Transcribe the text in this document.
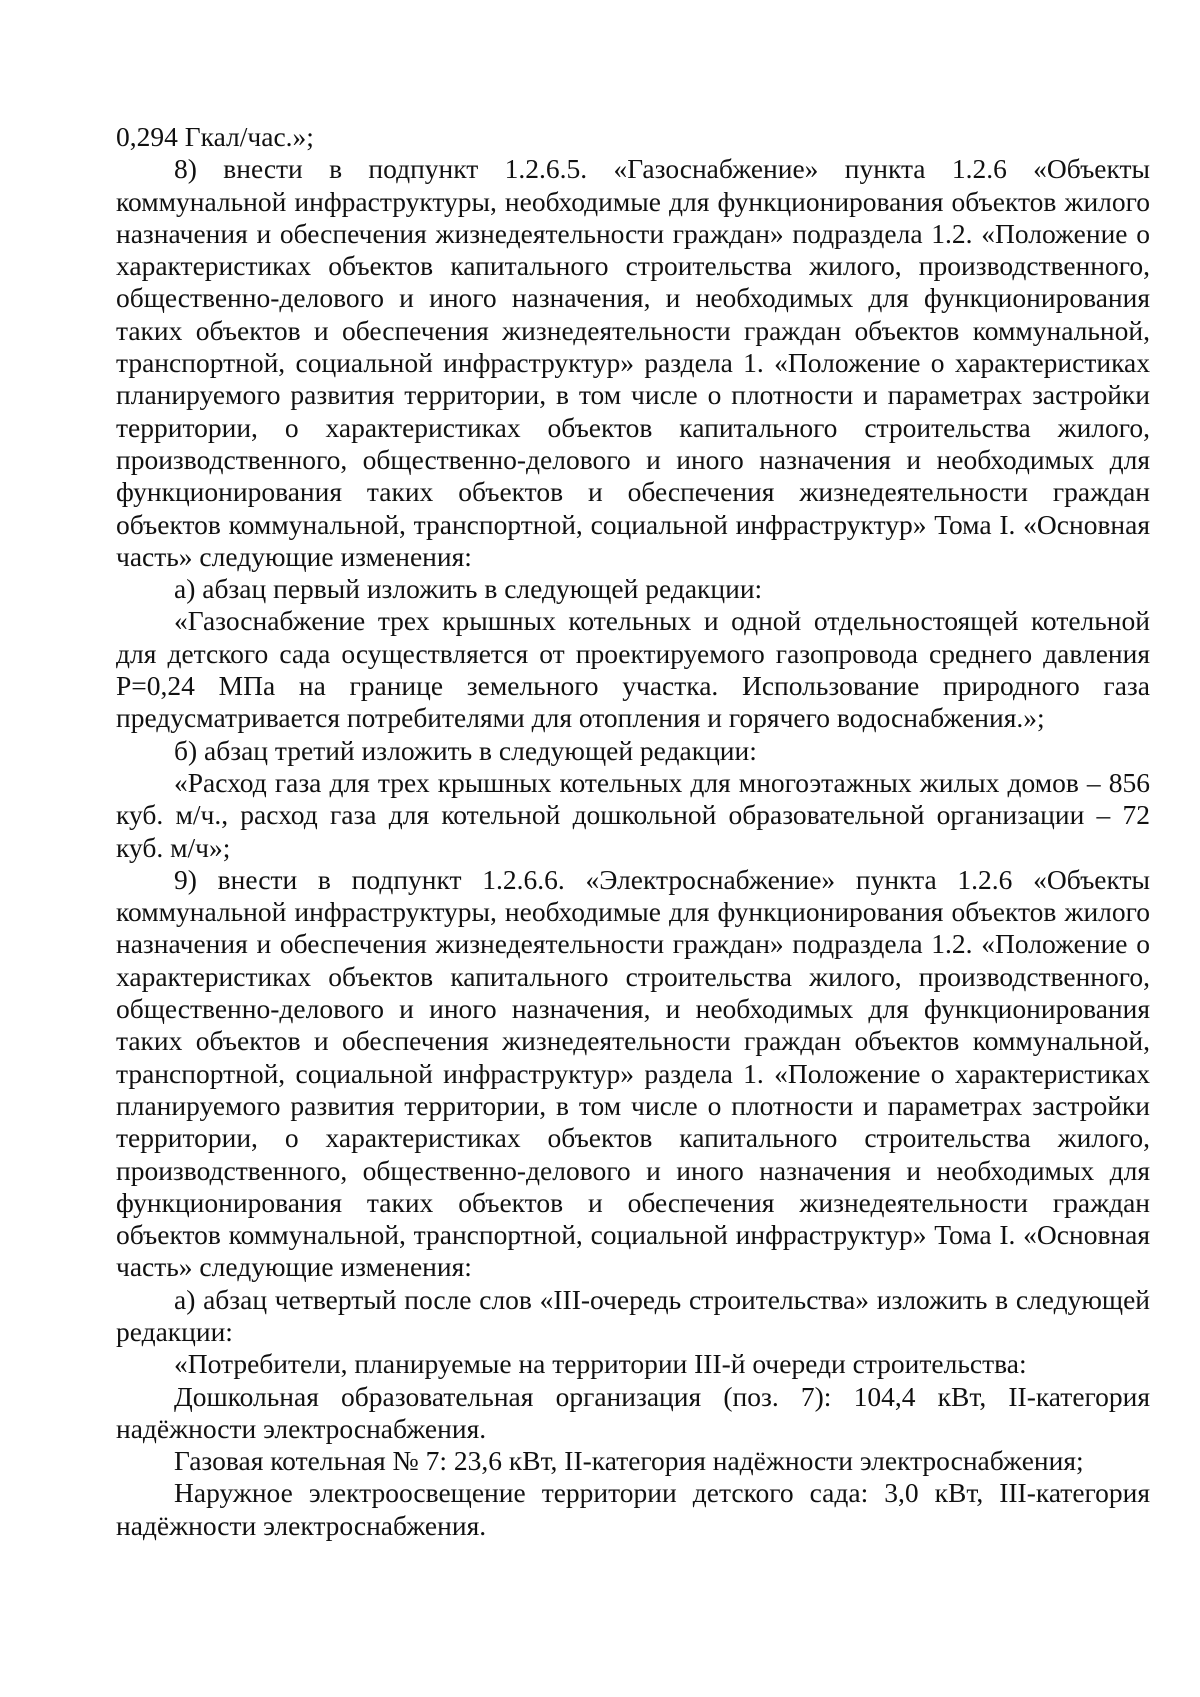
0,294 Гкал/час.»;

8) внести в подпункт 1.2.6.5. «Газоснабжение» пункта 1.2.6 «Объекты коммунальной инфраструктуры, необходимые для функционирования объектов жилого назначения и обеспечения жизнедеятельности граждан» подраздела 1.2. «Положение о характеристиках объектов капитального строительства жилого, производственного, общественно-делового и иного назначения, и необходимых для функционирования таких объектов и обеспечения жизнедеятельности граждан объектов коммунальной, транспортной, социальной инфраструктур» раздела 1. «Положение о характеристиках планируемого развития территории, в том числе о плотности и параметрах застройки территории, о характеристиках объектов капитального строительства жилого, производственного, общественно-делового и иного назначения и необходимых для функционирования таких объектов и обеспечения жизнедеятельности граждан объектов коммунальной, транспортной, социальной инфраструктур» Тома I. «Основная часть» следующие изменения:

а) абзац первый изложить в следующей редакции:

«Газоснабжение трех крышных котельных и одной отдельностоящей котельной для детского сада осуществляется от проектируемого газопровода среднего давления Р=0,24 МПа на границе земельного участка. Использование природного газа предусматривается потребителями для отопления и горячего водоснабжения.»;

б) абзац третий изложить в следующей редакции:

«Расход газа для трех крышных котельных для многоэтажных жилых домов – 856 куб. м/ч., расход газа для котельной дошкольной образовательной организации – 72 куб. м/ч»;

9) внести в подпункт 1.2.6.6. «Электроснабжение» пункта 1.2.6 «Объекты коммунальной инфраструктуры, необходимые для функционирования объектов жилого назначения и обеспечения жизнедеятельности граждан» подраздела 1.2. «Положение о характеристиках объектов капитального строительства жилого, производственного, общественно-делового и иного назначения, и необходимых для функционирования таких объектов и обеспечения жизнедеятельности граждан объектов коммунальной, транспортной, социальной инфраструктур» раздела 1. «Положение о характеристиках планируемого развития территории, в том числе о плотности и параметрах застройки территории, о характеристиках объектов капитального строительства жилого, производственного, общественно-делового и иного назначения и необходимых для функционирования таких объектов и обеспечения жизнедеятельности граждан объектов коммунальной, транспортной, социальной инфраструктур» Тома I. «Основная часть» следующие изменения:

а) абзац четвертый после слов «III-очередь строительства» изложить в следующей редакции:

«Потребители, планируемые на территории III-й очереди строительства:

Дошкольная образовательная организация (поз. 7): 104,4 кВт, II-категория надёжности электроснабжения.

Газовая котельная № 7: 23,6 кВт, II-категория надёжности электроснабжения;

Наружное электроосвещение территории детского сада: 3,0 кВт, III-категория надёжности электроснабжения.
